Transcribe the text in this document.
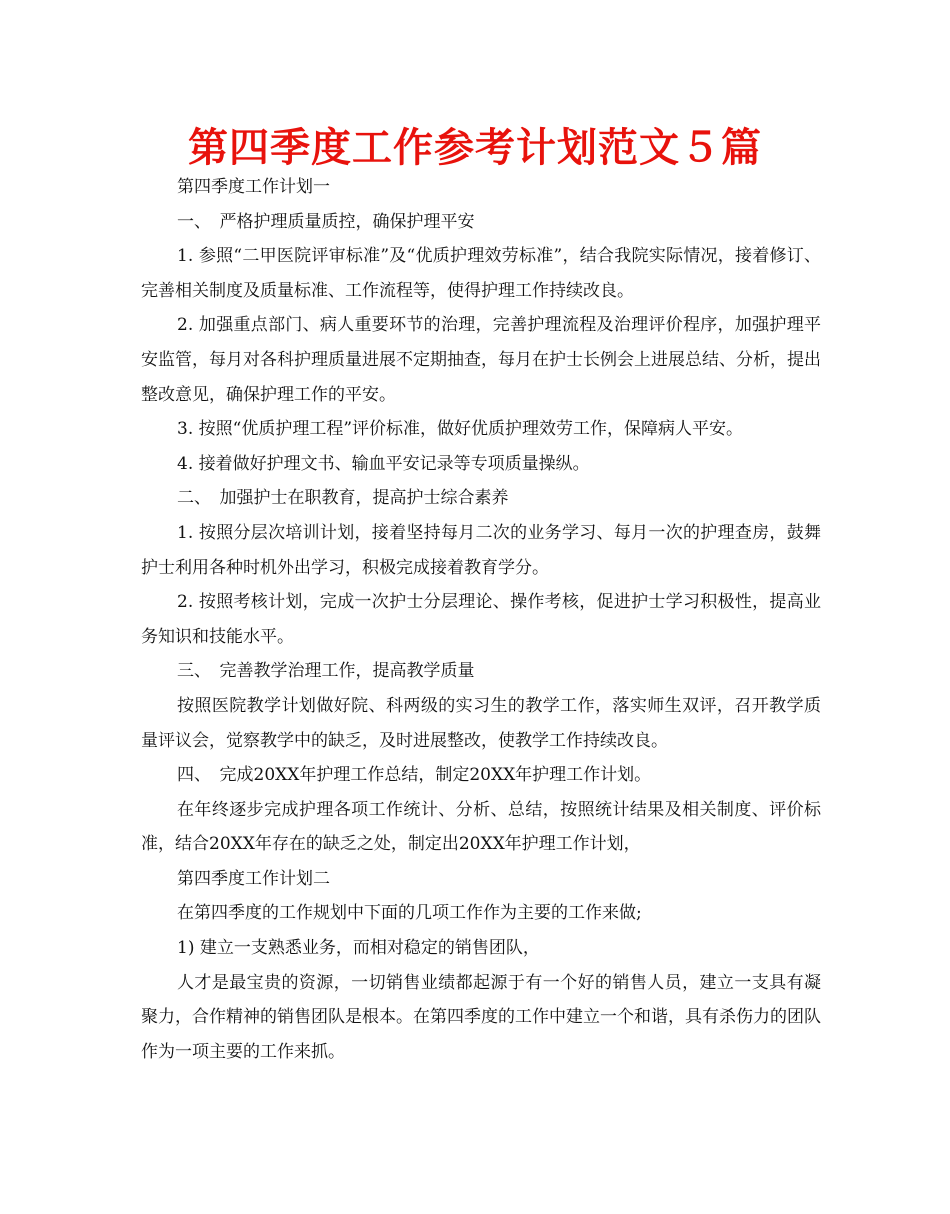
第四季度工作参考计划范文５篇

第四季度工作计划一

一、　严格护理质量质控，确保护理平安

1. 参照“二甲医院评审标准”及“优质护理效劳标准”，结合我院实际情况，接着修订、完善相关制度及质量标准、工作流程等，使得护理工作持续改良。

2. 加强重点部门、病人重要环节的治理，完善护理流程及治理评价程序，加强护理平安监管，每月对各科护理质量进展不定期抽查，每月在护士长例会上进展总结、分析，提出整改意见，确保护理工作的平安。

3. 按照“优质护理工程”评价标准，做好优质护理效劳工作，保障病人平安。

4. 接着做好护理文书、输血平安记录等专项质量操纵。

二、　加强护士在职教育，提高护士综合素养

1. 按照分层次培训计划，接着坚持每月二次的业务学习、每月一次的护理查房，鼓舞护士利用各种时机外出学习，积极完成接着教育学分。

2. 按照考核计划，完成一次护士分层理论、操作考核，促进护士学习积极性，提高业务知识和技能水平。

三、　完善教学治理工作，提高教学质量

按照医院教学计划做好院、科两级的实习生的教学工作，落实师生双评，召开教学质量评议会，觉察教学中的缺乏，及时进展整改，使教学工作持续改良。

四、　完成20XX年护理工作总结，制定20XX年护理工作计划。

在年终逐步完成护理各项工作统计、分析、总结，按照统计结果及相关制度、评价标准，结合20XX年存在的缺乏之处，制定出20XX年护理工作计划，

第四季度工作计划二

在第四季度的工作规划中下面的几项工作作为主要的工作来做;

1) 建立一支熟悉业务，而相对稳定的销售团队，

人才是最宝贵的资源，一切销售业绩都起源于有一个好的销售人员，建立一支具有凝聚力，合作精神的销售团队是根本。在第四季度的工作中建立一个和谐，具有杀伤力的团队作为一项主要的工作来抓。
